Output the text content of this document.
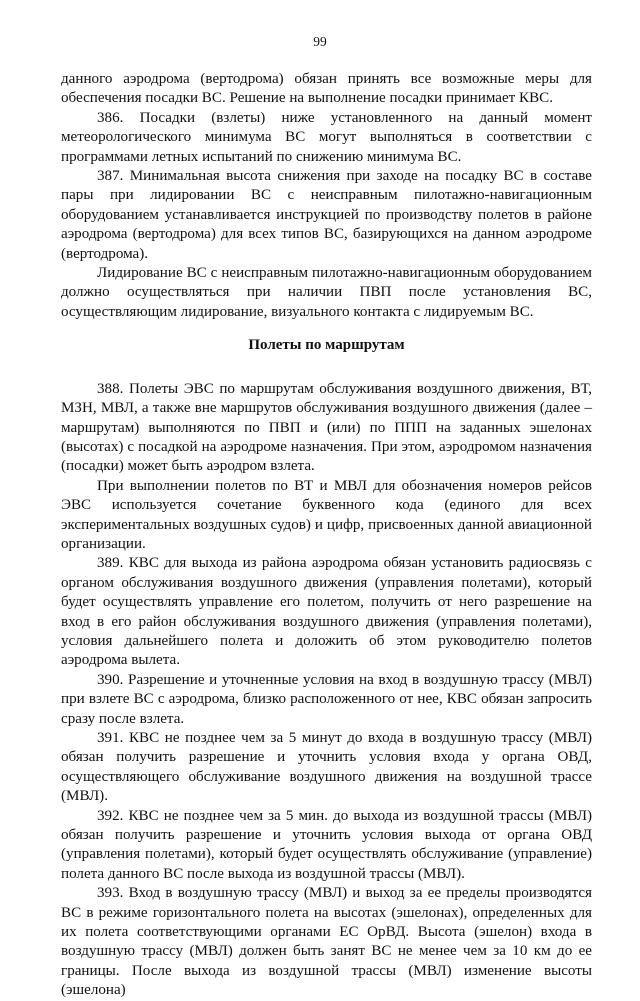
99

данного аэродрома (вертодрома) обязан принять все возможные меры для обеспечения посадки ВС. Решение на выполнение посадки принимает КВС.

386. Посадки (взлеты) ниже установленного на данный момент метеорологического минимума ВС могут выполняться в соответствии с программами летных испытаний по снижению минимума ВС.

387. Минимальная высота снижения при заходе на посадку ВС в составе пары при лидировании ВС с неисправным пилотажно-навигационным оборудованием устанавливается инструкцией по производству полетов в районе аэродрома (вертодрома) для всех типов ВС, базирующихся на данном аэродроме (вертодрома).

Лидирование ВС с неисправным пилотажно-навигационным оборудованием должно осуществляться при наличии ПВП после установления ВС, осуществляющим лидирование, визуального контакта с лидируемым ВС.

Полеты по маршрутам

388. Полеты ЭВС по маршрутам обслуживания воздушного движения, ВТ, МЗН, МВЛ, а также вне маршрутов обслуживания воздушного движения (далее – маршрутам) выполняются по ПВП и (или) по ППП на заданных эшелонах (высотах) с посадкой на аэродроме назначения. При этом, аэродромом назначения (посадки) может быть аэродром взлета.

При выполнении полетов по ВТ и МВЛ для обозначения номеров рейсов ЭВС используется сочетание буквенного кода (единого для всех экспериментальных воздушных судов) и цифр, присвоенных данной авиационной организации.

389. КВС для выхода из района аэродрома обязан установить радиосвязь с органом обслуживания воздушного движения (управления полетами), который будет осуществлять управление его полетом, получить от него разрешение на вход в его район обслуживания воздушного движения (управления полетами), условия дальнейшего полета и доложить об этом руководителю полетов аэродрома вылета.

390. Разрешение и уточненные условия на вход в воздушную трассу (МВЛ) при взлете ВС с аэродрома, близко расположенного от нее, КВС обязан запросить сразу после взлета.

391. КВС не позднее чем за 5 минут до входа в воздушную трассу (МВЛ) обязан получить разрешение и уточнить условия входа у органа ОВД, осуществляющего обслуживание воздушного движения на воздушной трассе (МВЛ).

392. КВС не позднее чем за 5 мин. до выхода из воздушной трассы (МВЛ) обязан получить разрешение и уточнить условия выхода от органа ОВД (управления полетами), который будет осуществлять обслуживание (управление) полета данного ВС после выхода из воздушной трассы (МВЛ).

393. Вход в воздушную трассу (МВЛ) и выход за ее пределы производятся ВС в режиме горизонтального полета на высотах (эшелонах), определенных для их полета соответствующими органами ЕС ОрВД. Высота (эшелон) входа в воздушную трассу (МВЛ) должен быть занят ВС не менее чем за 10 км до ее границы. После выхода из воздушной трассы (МВЛ) изменение высоты (эшелона)
